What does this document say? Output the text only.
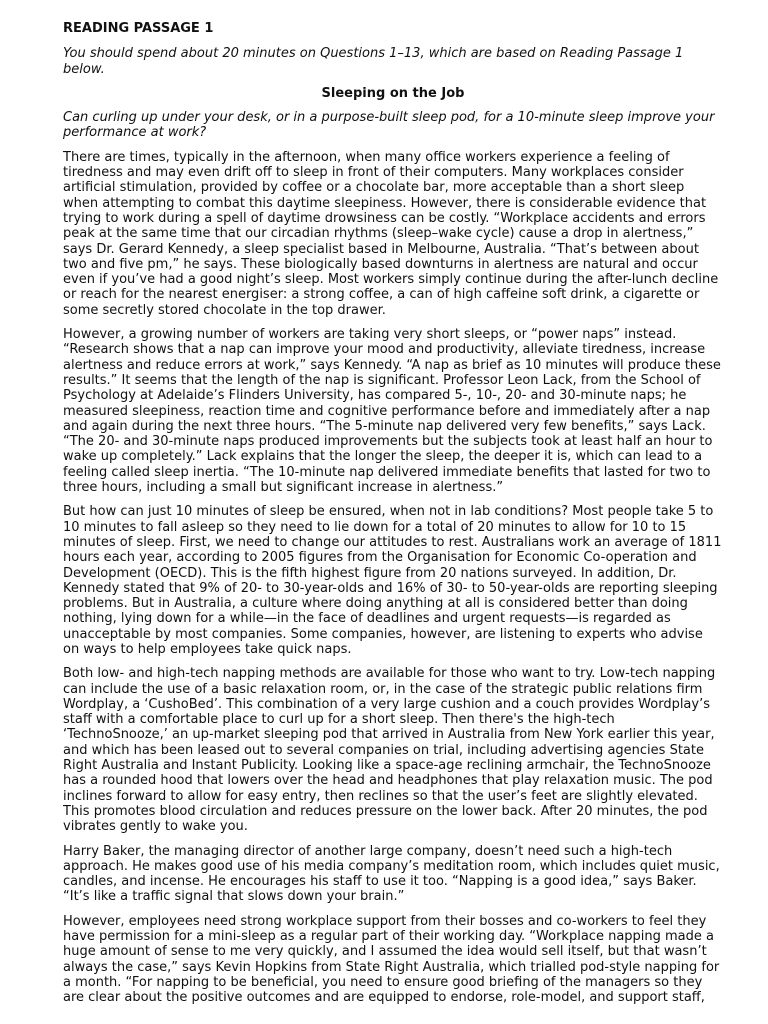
READING PASSAGE 1
You should spend about 20 minutes on Questions 1–13, which are based on Reading Passage 1 below.
Sleeping on the Job
Can curling up under your desk, or in a purpose-built sleep pod, for a 10-minute sleep improve your performance at work?

There are times, typically in the afternoon, when many office workers experience a feeling of tiredness and may even drift off to sleep in front of their computers. Many workplaces consider artificial stimulation, provided by coffee or a chocolate bar, more acceptable than a short sleep when attempting to combat this daytime sleepiness. However, there is considerable evidence that trying to work during a spell of daytime drowsiness can be costly. “Workplace accidents and errors peak at the same time that our circadian rhythms (sleep–wake cycle) cause a drop in alertness,” says Dr. Gerard Kennedy, a sleep specialist based in Melbourne, Australia. “That’s between about two and five pm,” he says. These biologically based downturns in alertness are natural and occur even if you’ve had a good night’s sleep. Most workers simply continue during the after-lunch decline or reach for the nearest energiser: a strong coffee, a can of high caffeine soft drink, a cigarette or some secretly stored chocolate in the top drawer.

However, a growing number of workers are taking very short sleeps, or “power naps” instead. “Research shows that a nap can improve your mood and productivity, alleviate tiredness, increase alertness and reduce errors at work,” says Kennedy. “A nap as brief as 10 minutes will produce these results.” It seems that the length of the nap is significant. Professor Leon Lack, from the School of Psychology at Adelaide’s Flinders University, has compared 5-, 10-, 20- and 30-minute naps; he measured sleepiness, reaction time and cognitive performance before and immediately after a nap and again during the next three hours. “The 5-minute nap delivered very few benefits,” says Lack. “The 20- and 30-minute naps produced improvements but the subjects took at least half an hour to wake up completely.” Lack explains that the longer the sleep, the deeper it is, which can lead to a feeling called sleep inertia. “The 10-minute nap delivered immediate benefits that lasted for two to three hours, including a small but significant increase in alertness.”

But how can just 10 minutes of sleep be ensured, when not in lab conditions? Most people take 5 to 10 minutes to fall asleep so they need to lie down for a total of 20 minutes to allow for 10 to 15 minutes of sleep. First, we need to change our attitudes to rest. Australians work an average of 1811 hours each year, according to 2005 figures from the Organisation for Economic Co-operation and Development (OECD). This is the fifth highest figure from 20 nations surveyed. In addition, Dr. Kennedy stated that 9% of 20- to 30-year-olds and 16% of 30- to 50-year-olds are reporting sleeping problems. But in Australia, a culture where doing anything at all is considered better than doing nothing, lying down for a while—in the face of deadlines and urgent requests—is regarded as unacceptable by most companies. Some companies, however, are listening to experts who advise on ways to help employees take quick naps.

Both low- and high-tech napping methods are available for those who want to try. Low-tech napping can include the use of a basic relaxation room, or, in the case of the strategic public relations firm Wordplay, a ‘CushoBed’. This combination of a very large cushion and a couch provides Wordplay’s staff with a comfortable place to curl up for a short sleep. Then there's the high-tech ‘TechnoSnooze,’ an up-market sleeping pod that arrived in Australia from New York earlier this year, and which has been leased out to several companies on trial, including advertising agencies State Right Australia and Instant Publicity. Looking like a space-age reclining armchair, the TechnoSnooze has a rounded hood that lowers over the head and headphones that play relaxation music. The pod inclines forward to allow for easy entry, then reclines so that the user’s feet are slightly elevated. This promotes blood circulation and reduces pressure on the lower back. After 20 minutes, the pod vibrates gently to wake you.

Harry Baker, the managing director of another large company, doesn’t need such a high-tech approach. He makes good use of his media company’s meditation room, which includes quiet music, candles, and incense. He encourages his staff to use it too. “Napping is a good idea,” says Baker. “It’s like a traffic signal that slows down your brain.”

However, employees need strong workplace support from their bosses and co-workers to feel they have permission for a mini-sleep as a regular part of their working day. “Workplace napping made a huge amount of sense to me very quickly, and I assumed the idea would sell itself, but that wasn’t always the case,” says Kevin Hopkins from State Right Australia, which trialled pod-style napping for a month. “For napping to be beneficial, you need to ensure good briefing of the managers so they are clear about the positive outcomes and are equipped to endorse, role-model, and support staff,
